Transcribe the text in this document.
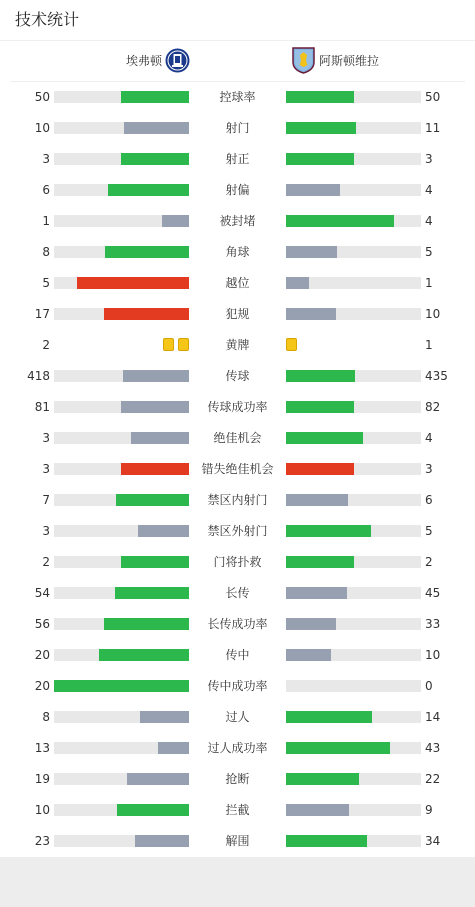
技术统计
埃弗顿	阿斯顿维拉
50	控球率	50
10	射门	11
3	射正	3
6	射偏	4
1	被封堵	4
8	角球	5
5	越位	1
17	犯规	10
2	黄牌	1
418	传球	435
81	传球成功率	82
3	绝佳机会	4
3	错失绝佳机会	3
7	禁区内射门	6
3	禁区外射门	5
2	门将扑救	2
54	长传	45
56	长传成功率	33
20	传中	10
20	传中成功率	0
8	过人	14
13	过人成功率	43
19	抢断	22
10	拦截	9
23	解围	34
